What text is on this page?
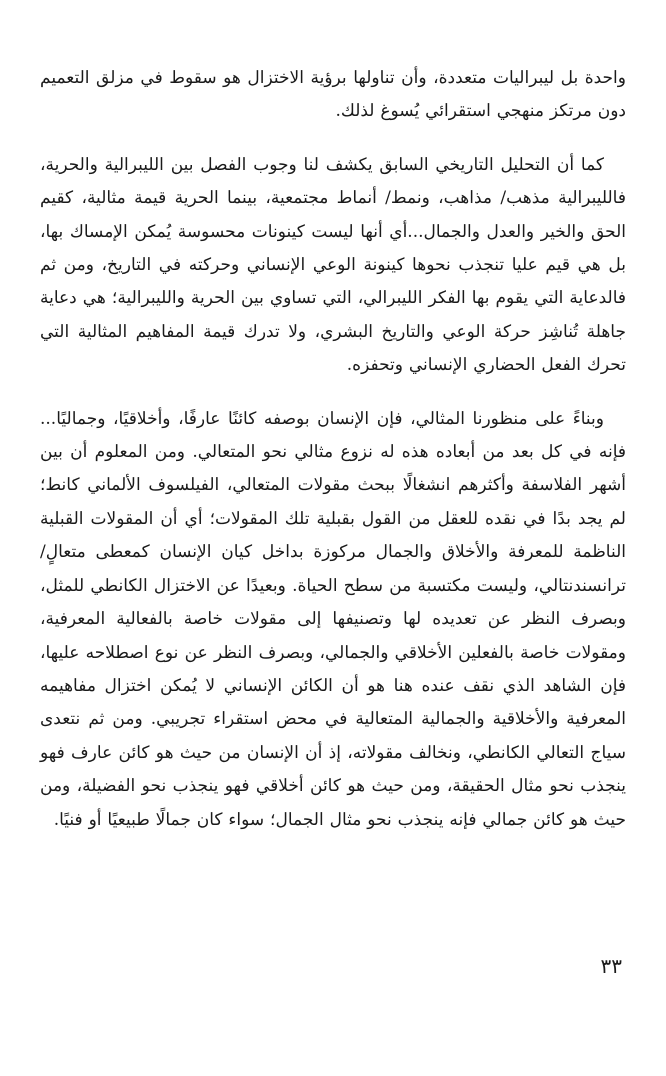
واحدة بل ليبراليات متعددة، وأن تناولها برؤية الاختزال هو سقوط في مزلق التعميم دون مرتكز منهجي استقرائي يُسوغ لذلك.

كما أن التحليل التاريخي السابق يكشف لنا وجوب الفصل بين الليبرالية والحرية، فالليبرالية مذهب/ مذاهب، ونمط/ أنماط مجتمعية، بينما الحرية قيمة مثالية، كقيم الحق والخير والعدل والجمال...أي أنها ليست كينونات محسوسة يُمكن الإمساك بها، بل هي قيم عليا تنجذب نحوها كينونة الوعي الإنساني وحركته في التاريخ، ومن ثم فالدعاية التي يقوم بها الفكر الليبرالي، التي تساوي بين الحرية والليبرالية؛ هي دعاية جاهلة تُناشِز حركة الوعي والتاريخ البشري، ولا تدرك قيمة المفاهيم المثالية التي تحرك الفعل الحضاري الإنساني وتحفزه.

وبناءً على منظورنا المثالي، فإن الإنسان بوصفه كائنًا عارفًا، وأخلاقيًا، وجماليًا... فإنه في كل بعد من أبعاده هذه له نزوع مثالي نحو المتعالي. ومن المعلوم أن بين أشهر الفلاسفة وأكثرهم انشغالًا ببحث مقولات المتعالي، الفيلسوف الألماني كانط؛ لم يجد بدًا في نقده للعقل من القول بقبلية تلك المقولات؛ أي أن المقولات القبلية الناظمة للمعرفة والأخلاق والجمال مركوزة بداخل كيان الإنسان كمعطى متعالٍ/ ترانسندنتالي، وليست مكتسبة من سطح الحياة. وبعيدًا عن الاختزال الكانطي للمثل، وبصرف النظر عن تعديده لها وتصنيفها إلى مقولات خاصة بالفعالية المعرفية، ومقولات خاصة بالفعلين الأخلاقي والجمالي، وبصرف النظر عن نوع اصطلاحه عليها، فإن الشاهد الذي نقف عنده هنا هو أن الكائن الإنساني لا يُمكن اختزال مفاهيمه المعرفية والأخلاقية والجمالية المتعالية في محض استقراء تجريبي. ومن ثم نتعدى سياج التعالي الكانطي، ونخالف مقولاته، إذ أن الإنسان من حيث هو كائن عارف فهو ينجذب نحو مثال الحقيقة، ومن حيث هو كائن أخلاقي فهو ينجذب نحو الفضيلة، ومن حيث هو كائن جمالي فإنه ينجذب نحو مثال الجمال؛ سواء كان جمالًا طبيعيًا أو فنيًا.

٣٣
